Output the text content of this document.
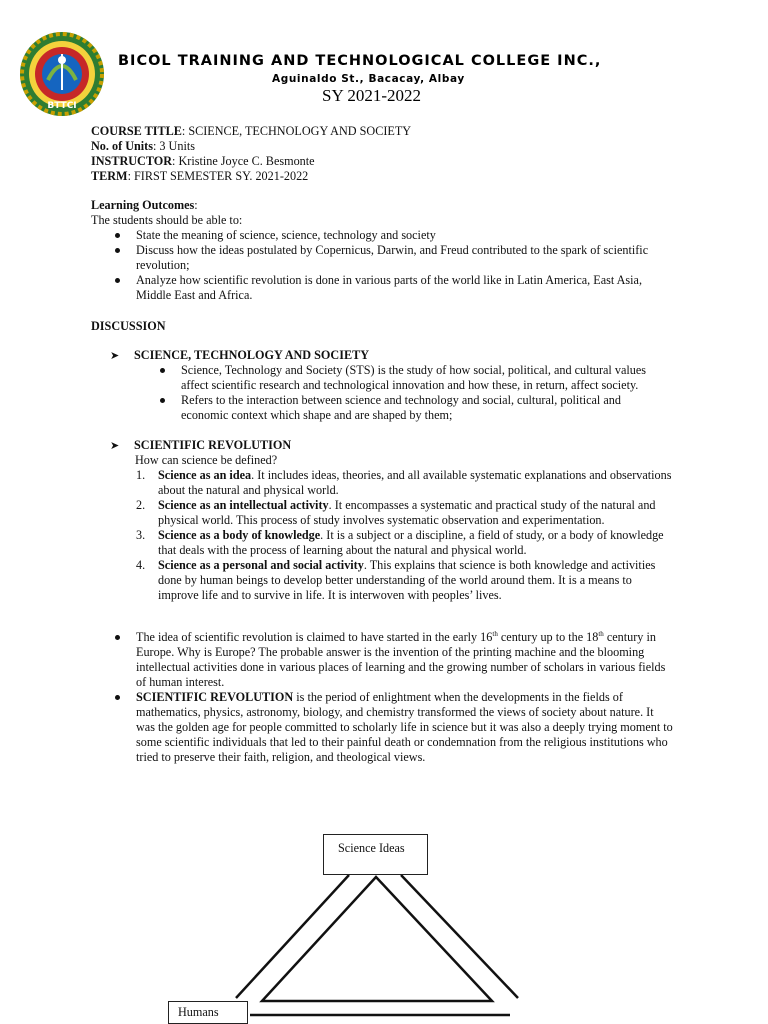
BTTCI
BICOL TRAINING AND TECHNOLOGICAL COLLEGE INC.,
Aguinaldo St., Bacacay, Albay
SY 2021-2022
COURSE TITLE: SCIENCE, TECHNOLOGY AND SOCIETY
No. of Units: 3 Units
INSTRUCTOR: Kristine Joyce C. Besmonte
TERM: FIRST SEMESTER SY. 2021-2022
Learning Outcomes:
The students should be able to:
State the meaning of science, science, technology and society
Discuss how the ideas postulated by Copernicus, Darwin, and Freud contributed to the spark of scientific revolution;
Analyze how scientific revolution is done in various parts of the world like in Latin America, East Asia, Middle East and Africa.
DISCUSSION
➤ SCIENCE, TECHNOLOGY AND SOCIETY
Science, Technology and Society (STS) is the study of how social, political, and cultural values affect scientific research and technological innovation and how these, in return, affect society.
Refers to the interaction between science and technology and social, cultural, political and economic context which shape and are shaped by them;
➤ SCIENTIFIC REVOLUTION
How can science be defined?
1. Science as an idea. It includes ideas, theories, and all available systematic explanations and observations about the natural and physical world.
2. Science as an intellectual activity. It encompasses a systematic and practical study of the natural and physical world. This process of study involves systematic observation and experimentation.
3. Science as a body of knowledge. It is a subject or a discipline, a field of study, or a body of knowledge that deals with the process of learning about the natural and physical world.
4. Science as a personal and social activity. This explains that science is both knowledge and activities done by human beings to develop better understanding of the world around them. It is a means to improve life and to survive in life. It is interwoven with peoples’ lives.
The idea of scientific revolution is claimed to have started in the early 16th century up to the 18th century in Europe. Why is Europe? The probable answer is the invention of the printing machine and the blooming intellectual activities done in various places of learning and the growing number of scholars in various fields of human interest.
SCIENTIFIC REVOLUTION is the period of enlightment when the developments in the fields of mathematics, physics, astronomy, biology, and chemistry transformed the views of society about nature. It was the golden age for people committed to scholarly life in science but it was also a deeply trying moment to some scientific individuals that led to their painful death or condemnation from the religious institutions who tried to preserve their faith, religion, and theological views.
Science Ideas
Humans
